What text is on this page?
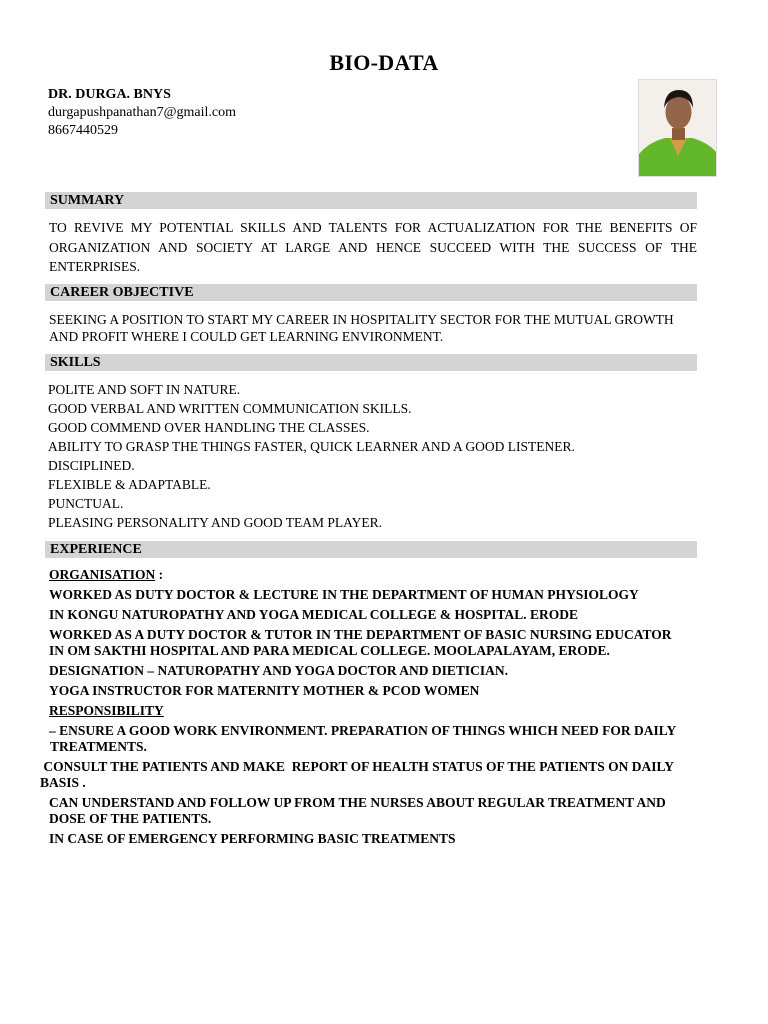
BIO-DATA
DR. DURGA. BNYS
durgapushpanathan7@gmail.com
8667440529
SUMMARY
TO REVIVE MY POTENTIAL SKILLS AND TALENTS FOR ACTUALIZATION FOR THE BENEFITS OF ORGANIZATION AND SOCIETY AT LARGE AND HENCE SUCCEED WITH THE SUCCESS OF THE ENTERPRISES.
CAREER OBJECTIVE
SEEKING A POSITION TO START MY CAREER IN HOSPITALITY SECTOR FOR THE MUTUAL GROWTH
AND PROFIT WHERE I COULD GET LEARNING ENVIRONMENT.
SKILLS
POLITE AND SOFT IN NATURE.
GOOD VERBAL AND WRITTEN COMMUNICATION SKILLS.
GOOD COMMEND OVER HANDLING THE CLASSES.
ABILITY TO GRASP THE THINGS FASTER, QUICK LEARNER AND A GOOD LISTENER.
DISCIPLINED.
FLEXIBLE & ADAPTABLE.
PUNCTUAL.
PLEASING PERSONALITY AND GOOD TEAM PLAYER.
EXPERIENCE
ORGANISATION :
WORKED AS DUTY DOCTOR & LECTURE IN THE DEPARTMENT OF HUMAN PHYSIOLOGY
IN KONGU NATUROPATHY AND YOGA MEDICAL COLLEGE & HOSPITAL. ERODE
WORKED AS A DUTY DOCTOR & TUTOR IN THE DEPARTMENT OF BASIC NURSING EDUCATOR
IN OM SAKTHI HOSPITAL AND PARA MEDICAL COLLEGE. MOOLAPALAYAM, ERODE.
DESIGNATION – NATUROPATHY AND YOGA DOCTOR AND DIETICIAN.
YOGA INSTRUCTOR FOR MATERNITY MOTHER & PCOD WOMEN
RESPONSIBILITY
– ENSURE A GOOD WORK ENVIRONMENT. PREPARATION OF THINGS WHICH NEED FOR DAILY
TREATMENTS.
CONSULT THE PATIENTS AND MAKE  REPORT OF HEALTH STATUS OF THE PATIENTS ON DAILY
BASIS .
CAN UNDERSTAND AND FOLLOW UP FROM THE NURSES ABOUT REGULAR TREATMENT AND
DOSE OF THE PATIENTS.
IN CASE OF EMERGENCY PERFORMING BASIC TREATMENTS
